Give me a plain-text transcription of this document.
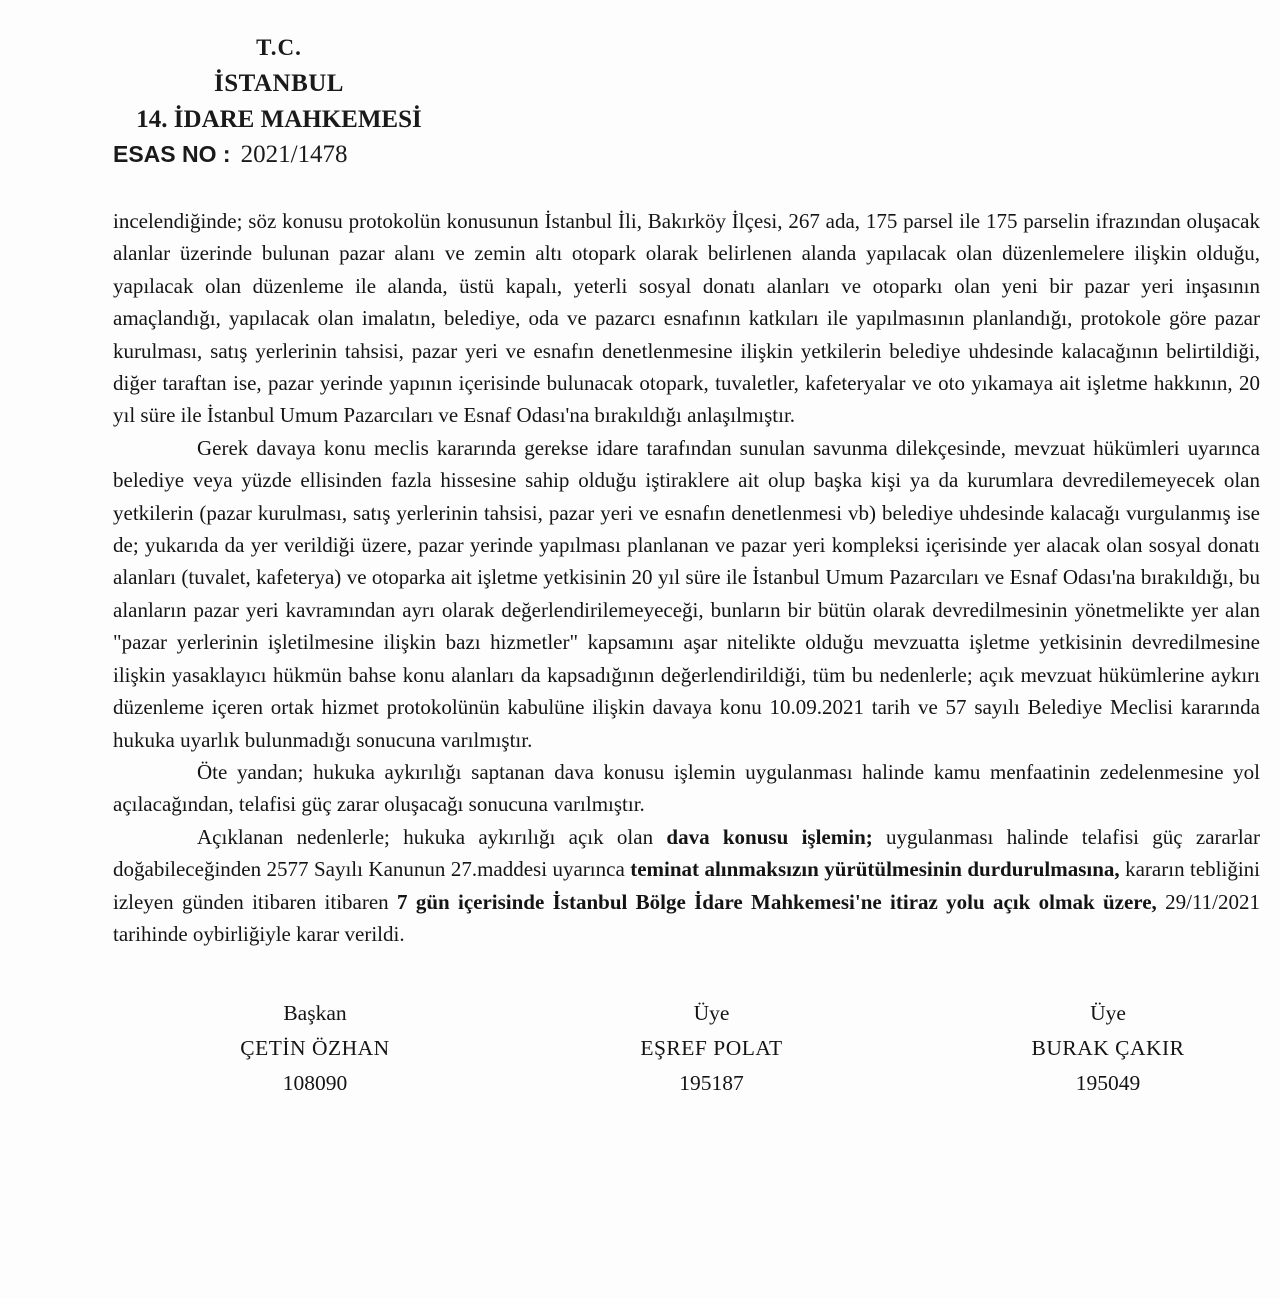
T.C.
İSTANBUL
14. İDARE MAHKEMESİ
ESAS NO : 2021/1478

incelendiğinde; söz konusu protokolün konusunun İstanbul İli, Bakırköy İlçesi, 267 ada, 175 parsel ile 175 parselin ifrazından oluşacak alanlar üzerinde bulunan pazar alanı ve zemin altı otopark olarak belirlenen alanda yapılacak olan düzenlemelere ilişkin olduğu, yapılacak olan düzenleme ile alanda, üstü kapalı, yeterli sosyal donatı alanları ve otoparkı olan yeni bir pazar yeri inşasının amaçlandığı, yapılacak olan imalatın, belediye, oda ve pazarcı esnafının katkıları ile yapılmasının planlandığı, protokole göre pazar kurulması, satış yerlerinin tahsisi, pazar yeri ve esnafın denetlenmesine ilişkin yetkilerin belediye uhdesinde kalacağının belirtildiği, diğer taraftan ise, pazar yerinde yapının içerisinde bulunacak otopark, tuvaletler, kafeteryalar ve oto yıkamaya ait işletme hakkının, 20 yıl süre ile İstanbul Umum Pazarcıları ve Esnaf Odası'na bırakıldığı anlaşılmıştır.

Gerek davaya konu meclis kararında gerekse idare tarafından sunulan savunma dilekçesinde, mevzuat hükümleri uyarınca belediye veya yüzde ellisinden fazla hissesine sahip olduğu iştiraklere ait olup başka kişi ya da kurumlara devredilemeyecek olan yetkilerin (pazar kurulması, satış yerlerinin tahsisi, pazar yeri ve esnafın denetlenmesi vb) belediye uhdesinde kalacağı vurgulanmış ise de; yukarıda da yer verildiği üzere, pazar yerinde yapılması planlanan ve pazar yeri kompleksi içerisinde yer alacak olan sosyal donatı alanları (tuvalet, kafeterya) ve otoparka ait işletme yetkisinin 20 yıl süre ile İstanbul Umum Pazarcıları ve Esnaf Odası'na bırakıldığı, bu alanların pazar yeri kavramından ayrı olarak değerlendirilemeyeceği, bunların bir bütün olarak devredilmesinin yönetmelikte yer alan "pazar yerlerinin işletilmesine ilişkin bazı hizmetler" kapsamını aşar nitelikte olduğu mevzuatta işletme yetkisinin devredilmesine ilişkin yasaklayıcı hükmün bahse konu alanları da kapsadığının değerlendirildiği, tüm bu nedenlerle; açık mevzuat hükümlerine aykırı düzenleme içeren ortak hizmet protokolünün kabulüne ilişkin davaya konu 10.09.2021 tarih ve 57 sayılı Belediye Meclisi kararında hukuka uyarlık bulunmadığı sonucuna varılmıştır.

Öte yandan; hukuka aykırılığı saptanan dava konusu işlemin uygulanması halinde kamu menfaatinin zedelenmesine yol açılacağından, telafisi güç zarar oluşacağı sonucuna varılmıştır.

Açıklanan nedenlerle; hukuka aykırılığı açık olan dava konusu işlemin; uygulanması halinde telafisi güç zararlar doğabileceğinden 2577 Sayılı Kanunun 27.maddesi uyarınca teminat alınmaksızın yürütülmesinin durdurulmasına, kararın tebliğini izleyen günden itibaren itibaren 7 gün içerisinde İstanbul Bölge İdare Mahkemesi'ne itiraz yolu açık olmak üzere, 29/11/2021 tarihinde oybirliğiyle karar verildi.

Başkan
ÇETİN ÖZHAN
108090
Üye
EŞREF POLAT
195187
Üye
BURAK ÇAKIR
195049
